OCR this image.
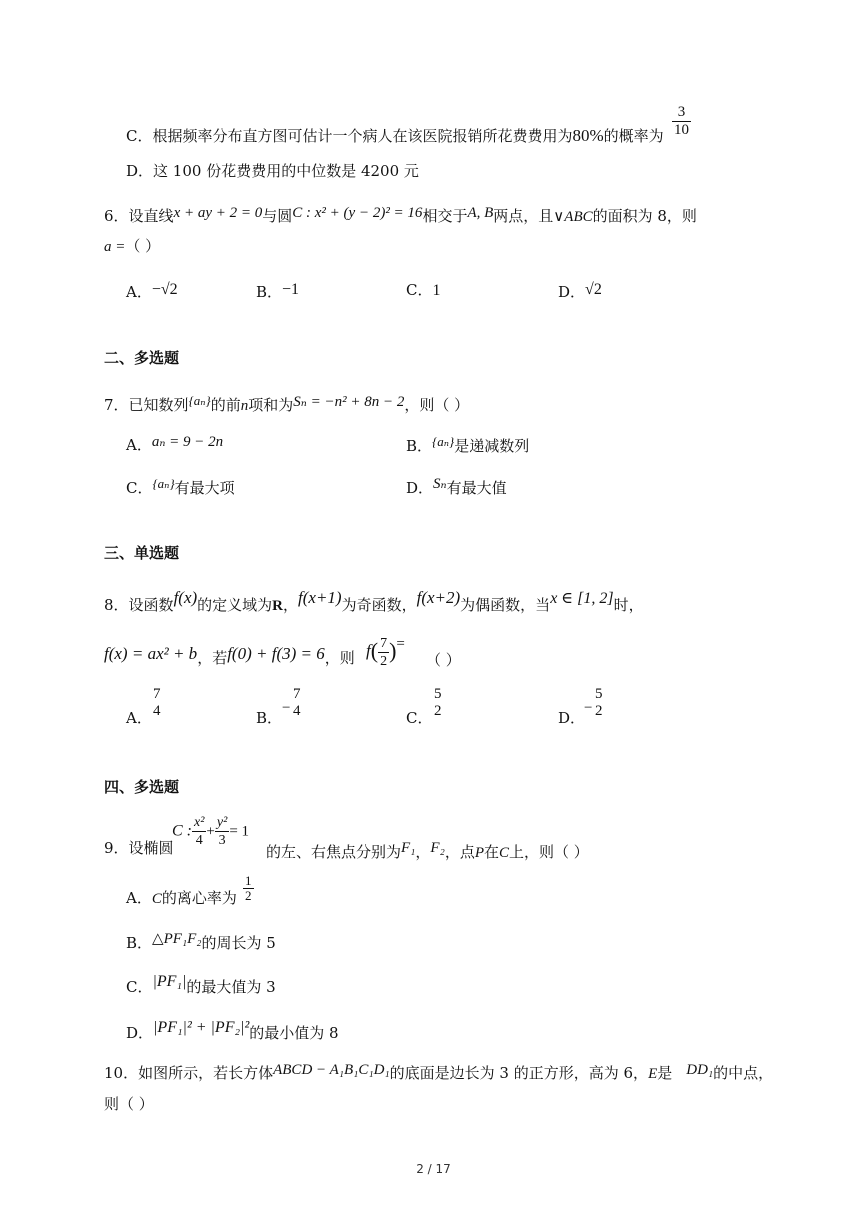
C．根据频率分布直方图可估计一个病人在该医院报销所花费费用为80%的概率为 $\frac{3}{10}$
D．这 100 份花费费用的中位数是 4200 元
6．设直线x + ay + 2 = 0与圆C : x² + (y − 2)² = 16相交于A, B两点，且∨ABC的面积为 8，则
a =（ ）
A．−√2	B．−1	C．1	D．√2
二、多选题
7．已知数列{aₙ}的前n项和为Sₙ = −n² + 8n − 2，则（ ）
A．aₙ = 9 − 2n	B．{aₙ}是递减数列
C．{aₙ}有最大项	D．Sₙ有最大值
三、单选题
8．设函数f(x)的定义域为R，f(x+1)为奇函数，f(x+2)为偶函数，当x ∈ [1, 2]时，
f(x) = ax² + b，若f(0) + f(3) = 6，则 $f( \frac{7}{2}$ )=
（ ）
A．
7
4	B．
−
7
4	C．
5
2	D．
−
5
2
四、多选题
9．设椭圆
C : $\frac{\text{x²}}{4} + \frac{\text{y²}}{3} = 1$
的左、右焦点分别为F₁，F₂，点P在C上，则（ ）
A．C的离心率为 $\frac{1}{2}$
B．△PF₁F₂的周长为 5
C．|PF₁|的最大值为 3
D．|PF₁|² + |PF₂|²的最小值为 8
10．如图所示，若长方体ABCD − A₁B₁C₁D₁的底面是边长为 3 的正方形，高为 6，E是 DD₁的中点，
则（ ）
2 / 17
